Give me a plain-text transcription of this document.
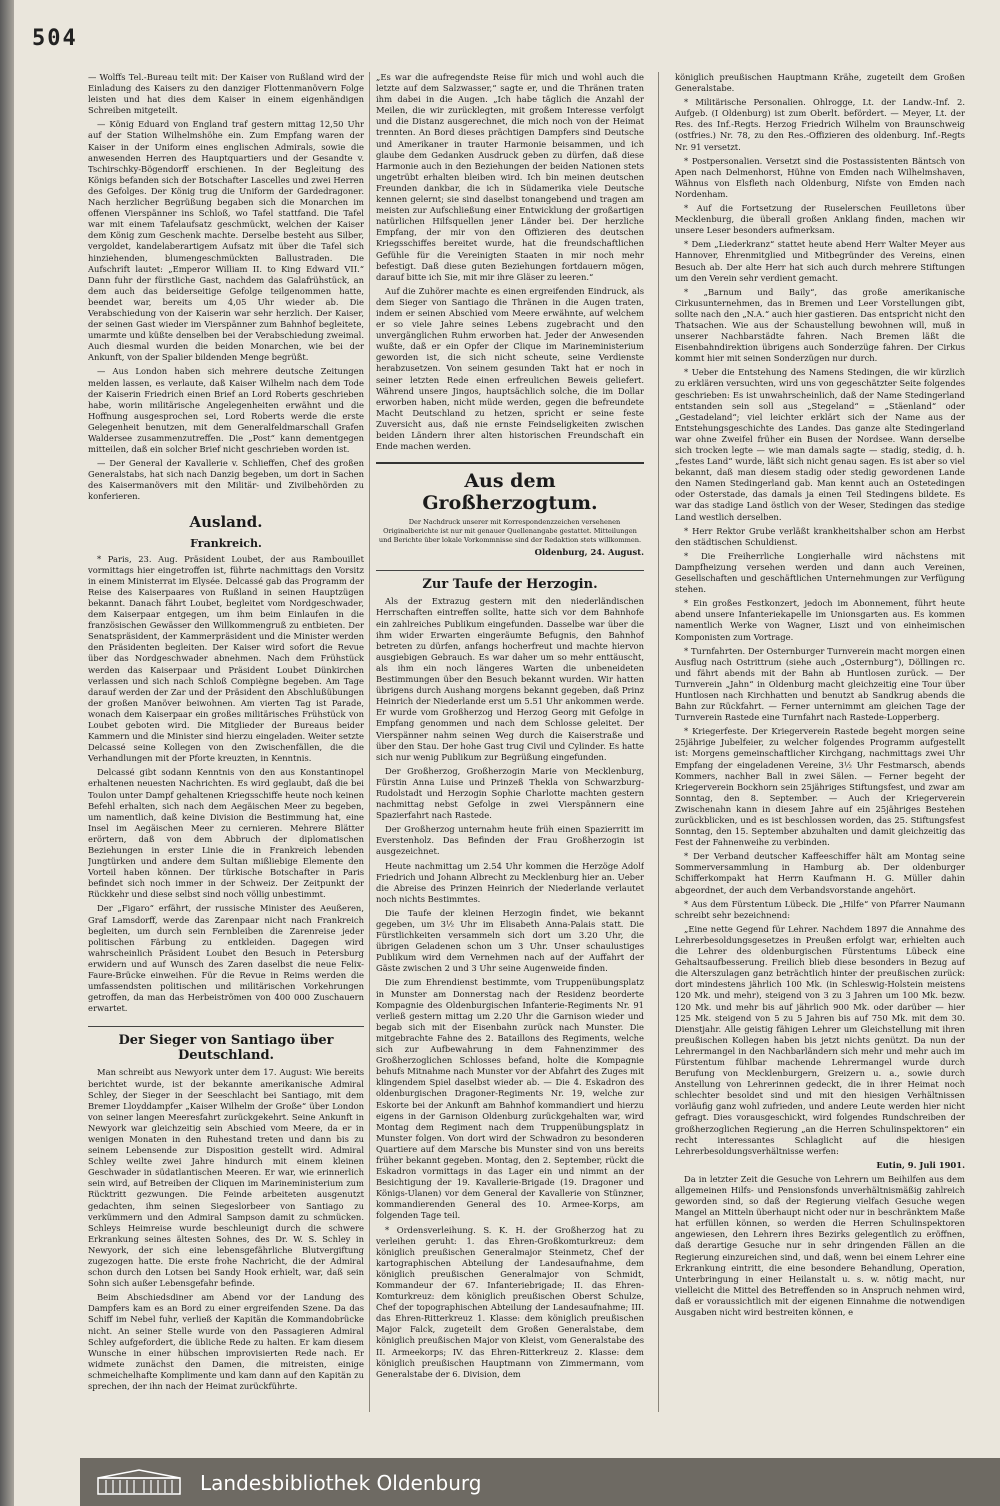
504

— Wolffs Tel.-Bureau teilt mit: Der Kaiser von Rußland wird der Einladung des Kaisers zu den danziger Flottenmanövern Folge leisten und hat dies dem Kaiser in einem eigenhändigen Schreiben mitgeteilt.

— König Eduard von England traf gestern mittag 12,50 Uhr auf der Station Wilhelmshöhe ein. Zum Empfang waren der Kaiser in der Uniform eines englischen Admirals, sowie die anwesenden Herren des Hauptquartiers und der Gesandte v. Tschirschky-Bögendorff erschienen. In der Begleitung des Königs befanden sich der Botschafter Lascelles und zwei Herren des Gefolges. Der König trug die Uniform der Gardedragoner. Nach herzlicher Begrüßung begaben sich die Monarchen im offenen Vierspänner ins Schloß, wo Tafel stattfand. Die Tafel war mit einem Tafelaufsatz geschmückt, welchen der Kaiser dem König zum Geschenk machte. Derselbe besteht aus Silber, vergoldet, kandelaberartigem Aufsatz mit über die Tafel sich hinziehenden, blumengeschmückten Ballustraden. Die Aufschrift lautet: „Emperor William II. to King Edward VII.“ Dann fuhr der fürstliche Gast, nachdem das Galafrühstück, an dem auch das beiderseitige Gefolge teilgenommen hatte, beendet war, bereits um 4,05 Uhr wieder ab. Die Verabschiedung von der Kaiserin war sehr herzlich. Der Kaiser, der seinen Gast wieder im Vierspänner zum Bahnhof begleitete, umarmte und küßte denselben bei der Verabschiedung zweimal. Auch diesmal wurden die beiden Monarchen, wie bei der Ankunft, von der Spalier bildenden Menge begrüßt.

— Aus London haben sich mehrere deutsche Zeitungen melden lassen, es verlaute, daß Kaiser Wilhelm nach dem Tode der Kaiserin Friedrich einen Brief an Lord Roberts geschrieben habe, worin militärische Angelegenheiten erwähnt und die Hoffnung ausgesprochen sei, Lord Roberts werde die erste Gelegenheit benutzen, mit dem Generalfeldmarschall Grafen Waldersee zusammenzutreffen. Die „Post“ kann dementgegen mitteilen, daß ein solcher Brief nicht geschrieben worden ist.

— Der General der Kavallerie v. Schlieffen, Chef des großen Generalstabs, hat sich nach Danzig begeben, um dort in Sachen des Kaisermanövers mit den Militär- und Zivilbehörden zu konferieren.

Ausland.
Frankreich.

* Paris, 23. Aug. Präsident Loubet, der aus Rambouillet vormittags hier eingetroffen ist, führte nachmittags den Vorsitz in einem Ministerrat im Elysée. Delcassé gab das Programm der Reise des Kaiserpaares von Rußland in seinen Hauptzügen bekannt. Danach fährt Loubet, begleitet vom Nordgeschwader, dem Kaiserpaar entgegen, um ihm beim Einlaufen in die französischen Gewässer den Willkommengruß zu entbieten. Der Senatspräsident, der Kammerpräsident und die Minister werden den Präsidenten begleiten. Der Kaiser wird sofort die Revue über das Nordgeschwader abnehmen. Nach dem Frühstück werden das Kaiserpaar und Präsident Loubet Dünkirchen verlassen und sich nach Schloß Compiègne begeben. Am Tage darauf werden der Zar und der Präsident den Abschlußübungen der großen Manöver beiwohnen. Am vierten Tag ist Parade, wonach dem Kaiserpaar ein großes militärisches Frühstück von Loubet geboten wird. Die Mitglieder der Bureaus beider Kammern und die Minister sind hierzu eingeladen. Weiter setzte Delcassé seine Kollegen von den Zwischenfällen, die die Verhandlungen mit der Pforte kreuzten, in Kenntnis.

Delcassé gibt sodann Kenntnis von den aus Konstantinopel erhaltenen neuesten Nachrichten. Es wird geglaubt, daß die bei Toulon unter Dampf gehaltenen Kriegsschiffe heute noch keinen Befehl erhalten, sich nach dem Aegäischen Meer zu begeben, um namentlich, daß keine Division die Bestimmung hat, eine Insel im Aegäischen Meer zu cernieren. Mehrere Blätter erörtern, daß von dem Abbruch der diplomatischen Beziehungen in erster Linie die in Frankreich lebenden Jungtürken und andere dem Sultan mißliebige Elemente den Vorteil haben können. Der türkische Botschafter in Paris befindet sich noch immer in der Schweiz. Der Zeitpunkt der Rückkehr und diese selbst sind noch völlig unbestimmt.

Der „Figaro“ erfährt, der russische Minister des Aeußeren, Graf Lamsdorff, werde das Zarenpaar nicht nach Frankreich begleiten, um durch sein Fernbleiben die Zarenreise jeder politischen Färbung zu entkleiden. Dagegen wird wahrscheinlich Präsident Loubet den Besuch in Petersburg erwidern und auf Wunsch des Zaren daselbst die neue Felix-Faure-Brücke einweihen. Für die Revue in Reims werden die umfassendsten politischen und militärischen Vorkehrungen getroffen, da man das Herbeiströmen von 400 000 Zuschauern erwartet.

Der Sieger von Santiago über Deutschland.

Man schreibt aus Newyork unter dem 17. August: Wie bereits berichtet wurde, ist der bekannte amerikanische Admiral Schley, der Sieger in der Seeschlacht bei Santiago, mit dem Bremer Lloyddampfer „Kaiser Wilhelm der Große“ über London von seiner langen Meeresfahrt zurückgekehrt. Seine Ankunft in Newyork war gleichzeitig sein Abschied vom Meere, da er in wenigen Monaten in den Ruhestand treten und dann bis zu seinem Lebensende zur Disposition gestellt wird. Admiral Schley weilte zwei Jahre hindurch mit einem kleinen Geschwader in südatlantischen Meeren. Er war, wie erinnerlich sein wird, auf Betreiben der Cliquen im Marineministerium zum Rücktritt gezwungen. Die Feinde arbeiteten ausgenutzt gedachten, ihm seinen Siegeslorbeer von Santiago zu verkümmern und den Admiral Sampson damit zu schmücken. Schleys Heimreise wurde beschleunigt durch die schwere Erkrankung seines ältesten Sohnes, des Dr. W. S. Schley in Newyork, der sich eine lebensgefährliche Blutvergiftung zugezogen hatte. Die erste frohe Nachricht, die der Admiral schon durch den Lotsen bei Sandy Hook erhielt, war, daß sein Sohn sich außer Lebensgefahr befinde.

Beim Abschiedsdiner am Abend vor der Landung des Dampfers kam es an Bord zu einer ergreifenden Szene. Da das Schiff im Nebel fuhr, verließ der Kapitän die Kommandobrücke nicht. An seiner Stelle wurde von den Passagieren Admiral Schley aufgefordert, die übliche Rede zu halten. Er kam diesem Wunsche in einer hübschen improvisierten Rede nach. Er widmete zunächst den Damen, die mitreisten, einige schmeichelhafte Komplimente und kam dann auf den Kapitän zu sprechen, der ihn nach der Heimat zurückführte.

„Es war die aufregendste Reise für mich und wohl auch die letzte auf dem Salzwasser,“ sagte er, und die Thränen traten ihm dabei in die Augen. „Ich habe täglich die Anzahl der Meilen, die wir zurücklegten, mit großem Interesse verfolgt und die Distanz ausgerechnet, die mich noch von der Heimat trennten. An Bord dieses prächtigen Dampfers sind Deutsche und Amerikaner in trauter Harmonie beisammen, und ich glaube dem Gedanken Ausdruck geben zu dürfen, daß diese Harmonie auch in den Beziehungen der beiden Nationen stets ungetrübt erhalten bleiben wird. Ich bin meinen deutschen Freunden dankbar, die ich in Südamerika viele Deutsche kennen gelernt; sie sind daselbst tonangebend und tragen am meisten zur Aufschließung einer Entwicklung der großartigen natürlichen Hilfsquellen jener Länder bei. Der herzliche Empfang, der mir von den Offizieren des deutschen Kriegsschiffes bereitet wurde, hat die freundschaftlichen Gefühle für die Vereinigten Staaten in mir noch mehr befestigt. Daß diese guten Beziehungen fortdauern mögen, darauf bitte ich Sie, mit mir ihre Gläser zu leeren.“

Auf die Zuhörer machte es einen ergreifenden Eindruck, als dem Sieger von Santiago die Thränen in die Augen traten, indem er seinen Abschied vom Meere erwähnte, auf welchem er so viele Jahre seines Lebens zugebracht und den unvergänglichen Ruhm erworben hat. Jeder der Anwesenden wußte, daß er ein Opfer der Clique im Marineministerium geworden ist, die sich nicht scheute, seine Verdienste herabzusetzen. Von seinem gesunden Takt hat er noch in seiner letzten Rede einen erfreulichen Beweis geliefert. Während unsere Jingos, hauptsächlich solche, die im Dollar erworben haben, nicht müde werden, gegen die befreundete Macht Deutschland zu hetzen, spricht er seine feste Zuversicht aus, daß nie ernste Feindseligkeiten zwischen beiden Ländern ihrer alten historischen Freundschaft ein Ende machen werden.

Aus dem Großherzogtum.

Der Nachdruck unserer mit Korrespondenzzeichen versehenen Originalberichte ist nur mit genauer Quellenangabe gestattet. Mitteilungen und Berichte über lokale Vorkommnisse sind der Redaktion stets willkommen.

Oldenburg, 24. August.

Zur Taufe der Herzogin.

Als der Extrazug gestern mit den niederländischen Herrschaften eintreffen sollte, hatte sich vor dem Bahnhofe ein zahlreiches Publikum eingefunden. Dasselbe war über die ihm wider Erwarten eingeräumte Befugnis, den Bahnhof betreten zu dürfen, anfangs hocherfreut und machte hiervon ausgiebigen Gebrauch. Es war daher um so mehr enttäuscht, als ihm ein noch längeres Warten die unbeneideten Bestimmungen über den Besuch bekannt wurden. Wir hatten übrigens durch Aushang morgens bekannt gegeben, daß Prinz Heinrich der Niederlande erst um 5.51 Uhr ankommen werde. Er wurde vom Großherzog und Herzog Georg mit Gefolge in Empfang genommen und nach dem Schlosse geleitet. Der Vierspänner nahm seinen Weg durch die Kaiserstraße und über den Stau. Der hohe Gast trug Civil und Cylinder. Es hatte sich nur wenig Publikum zur Begrüßung eingefunden.

Der Großherzog, Großherzogin Marie von Mecklenburg, Fürstin Anna Luise und Prinzeß Thekla von Schwarzburg-Rudolstadt und Herzogin Sophie Charlotte machten gestern nachmittag nebst Gefolge in zwei Vierspännern eine Spazierfahrt nach Rastede.

Der Großherzog unternahm heute früh einen Spazierritt im Everstenholz. Das Befinden der Frau Großherzogin ist ausgezeichnet.

Heute nachmittag um 2.54 Uhr kommen die Herzöge Adolf Friedrich und Johann Albrecht zu Mecklenburg hier an. Ueber die Abreise des Prinzen Heinrich der Niederlande verlautet noch nichts Bestimmtes.

Die Taufe der kleinen Herzogin findet, wie bekannt gegeben, um 3½ Uhr im Elisabeth Anna-Palais statt. Die Fürstlichkeiten versammeln sich dort um 3.20 Uhr, die übrigen Geladenen schon um 3 Uhr. Unser schaulustiges Publikum wird dem Vernehmen nach auf der Auffahrt der Gäste zwischen 2 und 3 Uhr seine Augenweide finden.

Die zum Ehrendienst bestimmte, vom Truppenübungsplatz in Munster am Donnerstag nach der Residenz beorderte Kompagnie des Oldenburgischen Infanterie-Regiments Nr. 91 verließ gestern mittag um 2.20 Uhr die Garnison wieder und begab sich mit der Eisenbahn zurück nach Munster. Die mitgebrachte Fahne des 2. Bataillons des Regiments, welche sich zur Aufbewahrung in dem Fahnenzimmer des Großherzoglichen Schlosses befand, holte die Kompagnie behufs Mitnahme nach Munster vor der Abfahrt des Zuges mit klingendem Spiel daselbst wieder ab. — Die 4. Eskadron des oldenburgischen Dragoner-Regiments Nr. 19, welche zur Eskorte bei der Ankunft am Bahnhof kommandiert und hierzu eigens in der Garnison Oldenburg zurückgehalten war, wird Montag dem Regiment nach dem Truppenübungsplatz in Munster folgen. Von dort wird der Schwadron zu besonderen Quartiere auf dem Marsche bis Munster sind von uns bereits früher bekannt gegeben. Montag, den 2. September, rückt die Eskadron vormittags in das Lager ein und nimmt an der Besichtigung der 19. Kavallerie-Brigade (19. Dragoner und Königs-Ulanen) vor dem General der Kavallerie von Stünzner, kommandierenden General des 10. Armee-Korps, am folgenden Tage teil.

* Ordensverleihung. S. K. H. der Großherzog hat zu verleihen geruht: 1. das Ehren-Großkomturkreuz: dem königlich preußischen Generalmajor Steinmetz, Chef der kartographischen Abteilung der Landesaufnahme, dem königlich preußischen Generalmajor von Schmidt, Kommandeur der 67. Infanteriebrigade; II. das Ehren-Komturkreuz: dem königlich preußischen Oberst Schulze, Chef der topographischen Abteilung der Landesaufnahme; III. das Ehren-Ritterkreuz 1. Klasse: dem königlich preußischen Major Falck, zugeteilt dem Großen Generalstabe, dem königlich preußischen Major von Kleist, vom Generalstabe des II. Armeekorps; IV. das Ehren-Ritterkreuz 2. Klasse: dem königlich preußischen Hauptmann von Zimmermann, vom Generalstabe der 6. Division, dem

königlich preußischen Hauptmann Krähe, zugeteilt dem Großen Generalstabe.

* Militärische Personalien. Ohlrogge, Lt. der Landw.-Inf. 2. Aufgeb. (I Oldenburg) ist zum Oberlt. befördert. — Meyer, Lt. der Res. des Inf.-Regts. Herzog Friedrich Wilhelm von Braunschweig (ostfries.) Nr. 78, zu den Res.-Offizieren des oldenburg. Inf.-Regts Nr. 91 versetzt.

* Postpersonalien. Versetzt sind die Postassistenten Bäntsch von Apen nach Delmenhorst, Hühne von Emden nach Wilhelmshaven, Wähnus von Elsfleth nach Oldenburg, Nifste von Emden nach Nordenham.

* Auf die Fortsetzung der Ruselerschen Feuilletons über Mecklenburg, die überall großen Anklang finden, machen wir unsere Leser besonders aufmerksam.

* Dem „Liederkranz“ stattet heute abend Herr Walter Meyer aus Hannover, Ehrenmitglied und Mitbegründer des Vereins, einen Besuch ab. Der alte Herr hat sich auch durch mehrere Stiftungen um den Verein sehr verdient gemacht.

* „Barnum und Baily“, das große amerikanische Cirkusunternehmen, das in Bremen und Leer Vorstellungen gibt, sollte nach den „N.A.“ auch hier gastieren. Das entspricht nicht den Thatsachen. Wie aus der Schaustellung bewohnen will, muß in unserer Nachbarstädte fahren. Nach Bremen läßt die Eisenbahndirektion übrigens auch Sonderzüge fahren. Der Cirkus kommt hier mit seinen Sonderzügen nur durch.

* Ueber die Entstehung des Namens Stedingen, die wir kürzlich zu erklären versuchten, wird uns von gegeschätzter Seite folgendes geschrieben: Es ist unwahrscheinlich, daß der Name Stedingerland entstanden sein soll aus „Stegeland“ = „Stäenland“ oder „Gestadeland“; viel leichter erklärt sich der Name aus der Entstehungsgeschichte des Landes. Das ganze alte Stedingerland war ohne Zweifel früher ein Busen der Nordsee. Wann derselbe sich trocken legte — wie man damals sagte — stadig, stedig, d. h. „festes Land“ wurde, läßt sich nicht genau sagen. Es ist aber so viel bekannt, daß man diesem stadig oder stedig gewordenen Lande den Namen Stedingerland gab. Man kennt auch an Ostetedingen oder Osterstade, das damals ja einen Teil Stedingens bildete. Es war das stadige Land östlich von der Weser, Stedingen das stedige Land westlich derselben.

* Herr Rektor Grube verläßt krankheitshalber schon am Herbst den städtischen Schuldienst.

* Die Freiherrliche Longierhalle wird nächstens mit Dampfheizung versehen werden und dann auch Vereinen, Gesellschaften und geschäftlichen Unternehmungen zur Verfügung stehen.

* Ein großes Festkonzert, jedoch im Abonnement, führt heute abend unsere Infanteriekapelle im Unionsgarten aus. Es kommen namentlich Werke von Wagner, Liszt und von einheimischen Komponisten zum Vortrage.

* Turnfahrten. Der Osternburger Turnverein macht morgen einen Ausflug nach Ostrittrum (siehe auch „Osternburg“), Döllingen rc. und fährt abends mit der Bahn ab Huntlosen zurück. — Der Turnverein „Jahn“ in Oldenburg macht gleichzeitig eine Tour über Huntlosen nach Kirchhatten und benutzt ab Sandkrug abends die Bahn zur Rückfahrt. — Ferner unternimmt am gleichen Tage der Turnverein Rastede eine Turnfahrt nach Rastede-Lopperberg.

* Kriegerfeste. Der Kriegerverein Rastede begeht morgen seine 25jährige Jubelfeier, zu welcher folgendes Programm aufgestellt ist: Morgens gemeinschaftlicher Kirchgang, nachmittags zwei Uhr Empfang der eingeladenen Vereine, 3½ Uhr Festmarsch, abends Kommers, nachher Ball in zwei Sälen. — Ferner begeht der Kriegerverein Bockhorn sein 25jähriges Stiftungsfest, und zwar am Sonntag, den 8. September. — Auch der Kriegerverein Zwischenahn kann in diesem Jahre auf ein 25jähriges Bestehen zurückblicken, und es ist beschlossen worden, das 25. Stiftungsfest Sonntag, den 15. September abzuhalten und damit gleichzeitig das Fest der Fahnenweihe zu verbinden.

* Der Verband deutscher Kaffeeschiffer hält am Montag seine Sommerversammlung in Hamburg ab. Der oldenburger Schifferkompakt hat Herrn Kaufmann H. G. Müller dahin abgeordnet, der auch dem Verbandsvorstande angehört.

* Aus dem Fürstentum Lübeck. Die „Hilfe“ von Pfarrer Naumann schreibt sehr bezeichnend:

„Eine nette Gegend für Lehrer. Nachdem 1897 die Annahme des Lehrerbesoldungsgesetzes in Preußen erfolgt war, erhielten auch die Lehrer des oldenburgischen Fürstentums Lübeck eine Gehaltsaufbesserung. Freilich blieb diese besonders in Bezug auf die Alterszulagen ganz beträchtlich hinter der preußischen zurück: dort mindestens jährlich 100 Mk. (in Schleswig-Holstein meistens 120 Mk. und mehr), steigend von 3 zu 3 Jahren um 100 Mk. bezw. 120 Mk. und mehr bis auf jährlich 900 Mk. oder darüber — hier 125 Mk. steigend von 5 zu 5 Jahren bis auf 750 Mk. mit dem 30. Dienstjahr. Alle geistig fähigen Lehrer um Gleichstellung mit ihren preußischen Kollegen haben bis jetzt nichts genützt. Da nun der Lehrermangel in den Nachbarländern sich mehr und mehr auch im Fürstentum fühlbar machende Lehrermangel wurde durch Berufung von Mecklenburgern, Greizern u. a., sowie durch Anstellung von Lehrerinnen gedeckt, die in ihrer Heimat noch schlechter besoldet sind und mit den hiesigen Verhältnissen vorläufig ganz wohl zufrieden, und andere Leute werden hier nicht gefragt. Dies vorausgeschickt, wird folgendes Rundschreiben der großherzoglichen Regierung „an die Herren Schulinspektoren“ ein recht interessantes Schlaglicht auf die hiesigen Lehrerbesoldungsverhältnisse werfen:

Eutin, 9. Juli 1901.

Da in letzter Zeit die Gesuche von Lehrern um Beihilfen aus dem allgemeinen Hilfs- und Pensionsfonds unverhältnismäßig zahlreich geworden sind, so daß der Regierung vielfach Gesuche wegen Mangel an Mitteln überhaupt nicht oder nur in beschränktem Maße hat erfüllen können, so werden die Herren Schulinspektoren angewiesen, den Lehrern ihres Bezirks gelegentlich zu eröffnen, daß derartige Gesuche nur in sehr dringenden Fällen an die Regierung einzureichen sind, und daß, wenn bei einem Lehrer eine Erkrankung eintritt, die eine besondere Behandlung, Operation, Unterbringung in einer Heilanstalt u. s. w. nötig macht, nur vielleicht die Mittel des Betreffenden so in Anspruch nehmen wird, daß er voraussichtlich mit der eigenen Einnahme die notwendigen Ausgaben nicht wird bestreiten können, e

Landesbibliothek Oldenburg
